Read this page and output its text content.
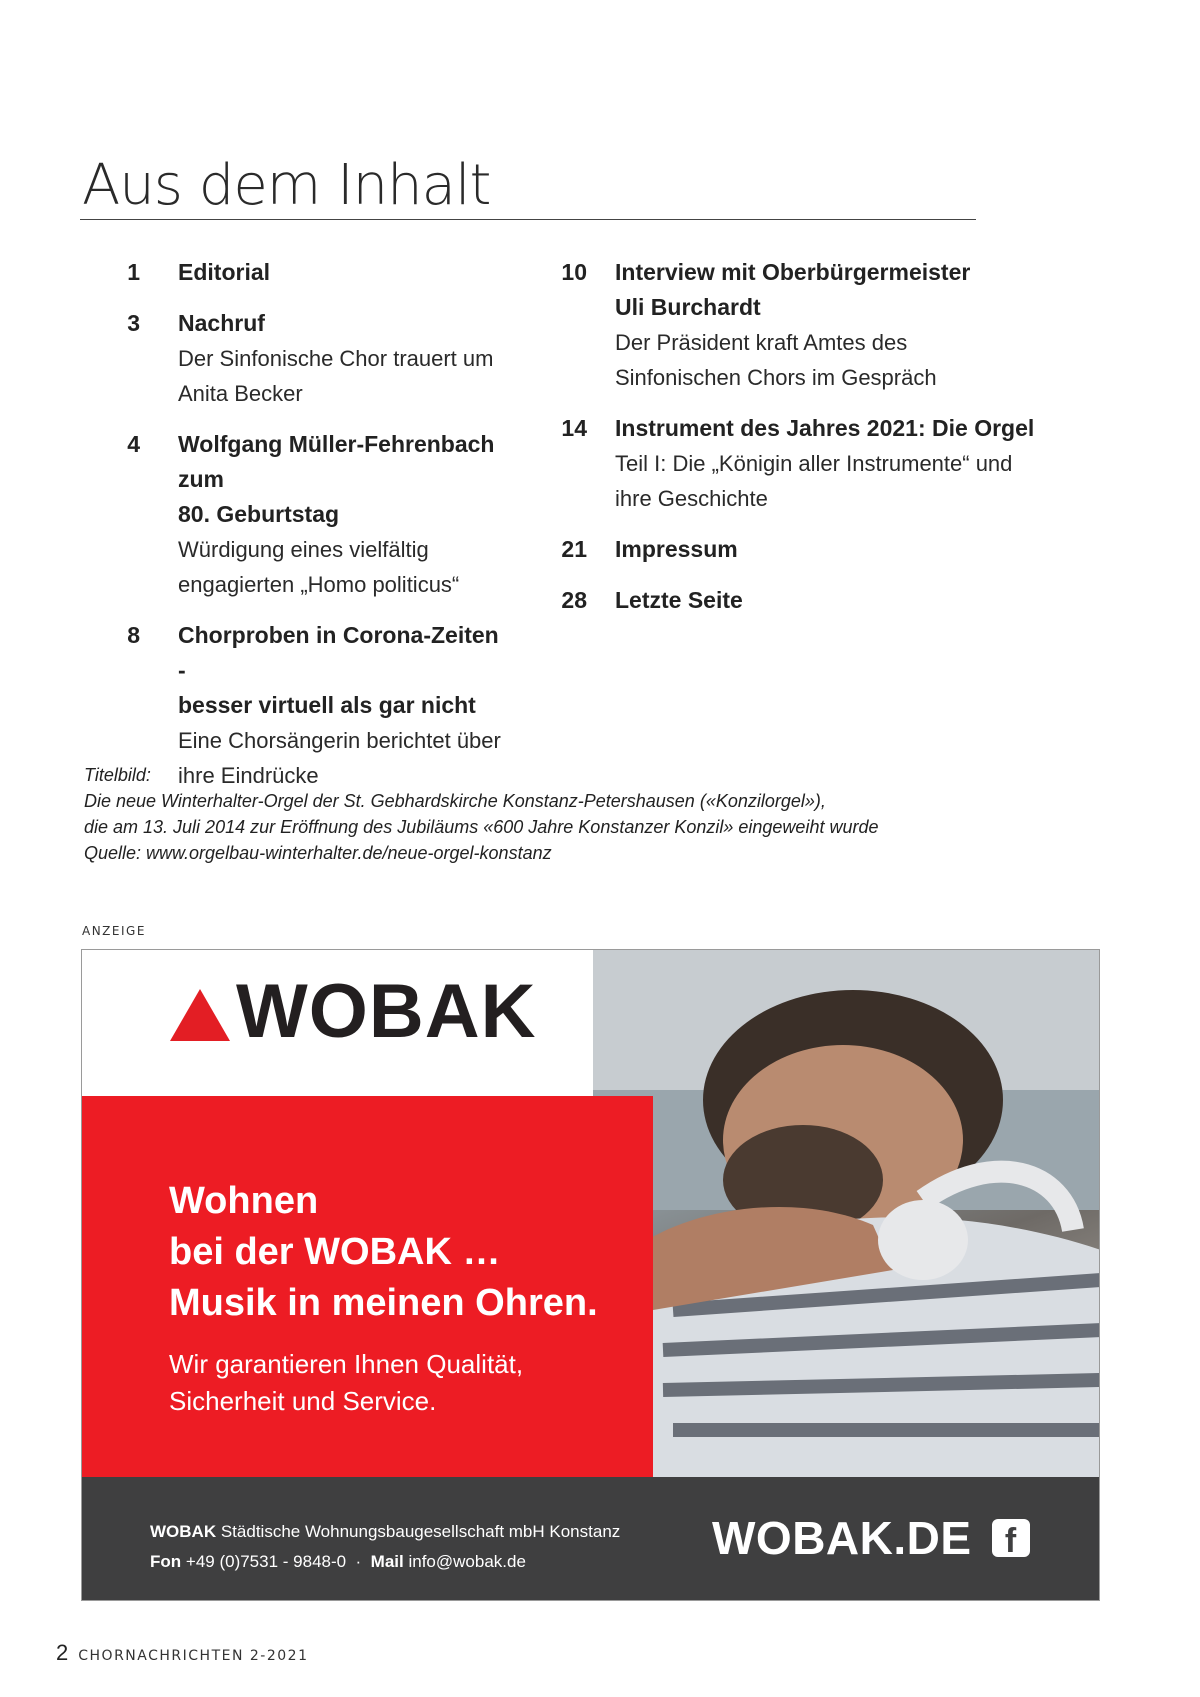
Aus dem Inhalt
1 Editorial
3 Nachruf
Der Sinfonische Chor trauert um
Anita Becker
4 Wolfgang Müller-Fehrenbach zum
80. Geburtstag
Würdigung eines vielfältig
engagierten „Homo politicus“
8 Chorproben in Corona-Zeiten -
besser virtuell als gar nicht
Eine Chorsängerin berichtet über
ihre Eindrücke
10 Interview mit Oberbürgermeister
Uli Burchardt
Der Präsident kraft Amtes des
Sinfonischen Chors im Gespräch
14 Instrument des Jahres 2021: Die Orgel
Teil I: Die „Königin aller Instrumente“ und
ihre Geschichte
21 Impressum
28 Letzte Seite
Titelbild:
Die neue Winterhalter-Orgel der St. Gebhardskirche Konstanz-Petershausen («Konzilorgel»),
die am 13. Juli 2014 zur Eröffnung des Jubiläums «600 Jahre Konstanzer Konzil» eingeweiht wurde
Quelle: www.orgelbau-winterhalter.de/neue-orgel-konstanz
ANZEIGE
WOBAK
Wohnen
bei der WOBAK …
Musik in meinen Ohren.
Wir garantieren Ihnen Qualität,
Sicherheit und Service.
WOBAK Städtische Wohnungsbaugesellschaft mbH Konstanz
Fon +49 (0)7531 - 9848-0 · Mail info@wobak.de	WOBAK.DE f
2 CHORNACHRICHTEN 2-2021
